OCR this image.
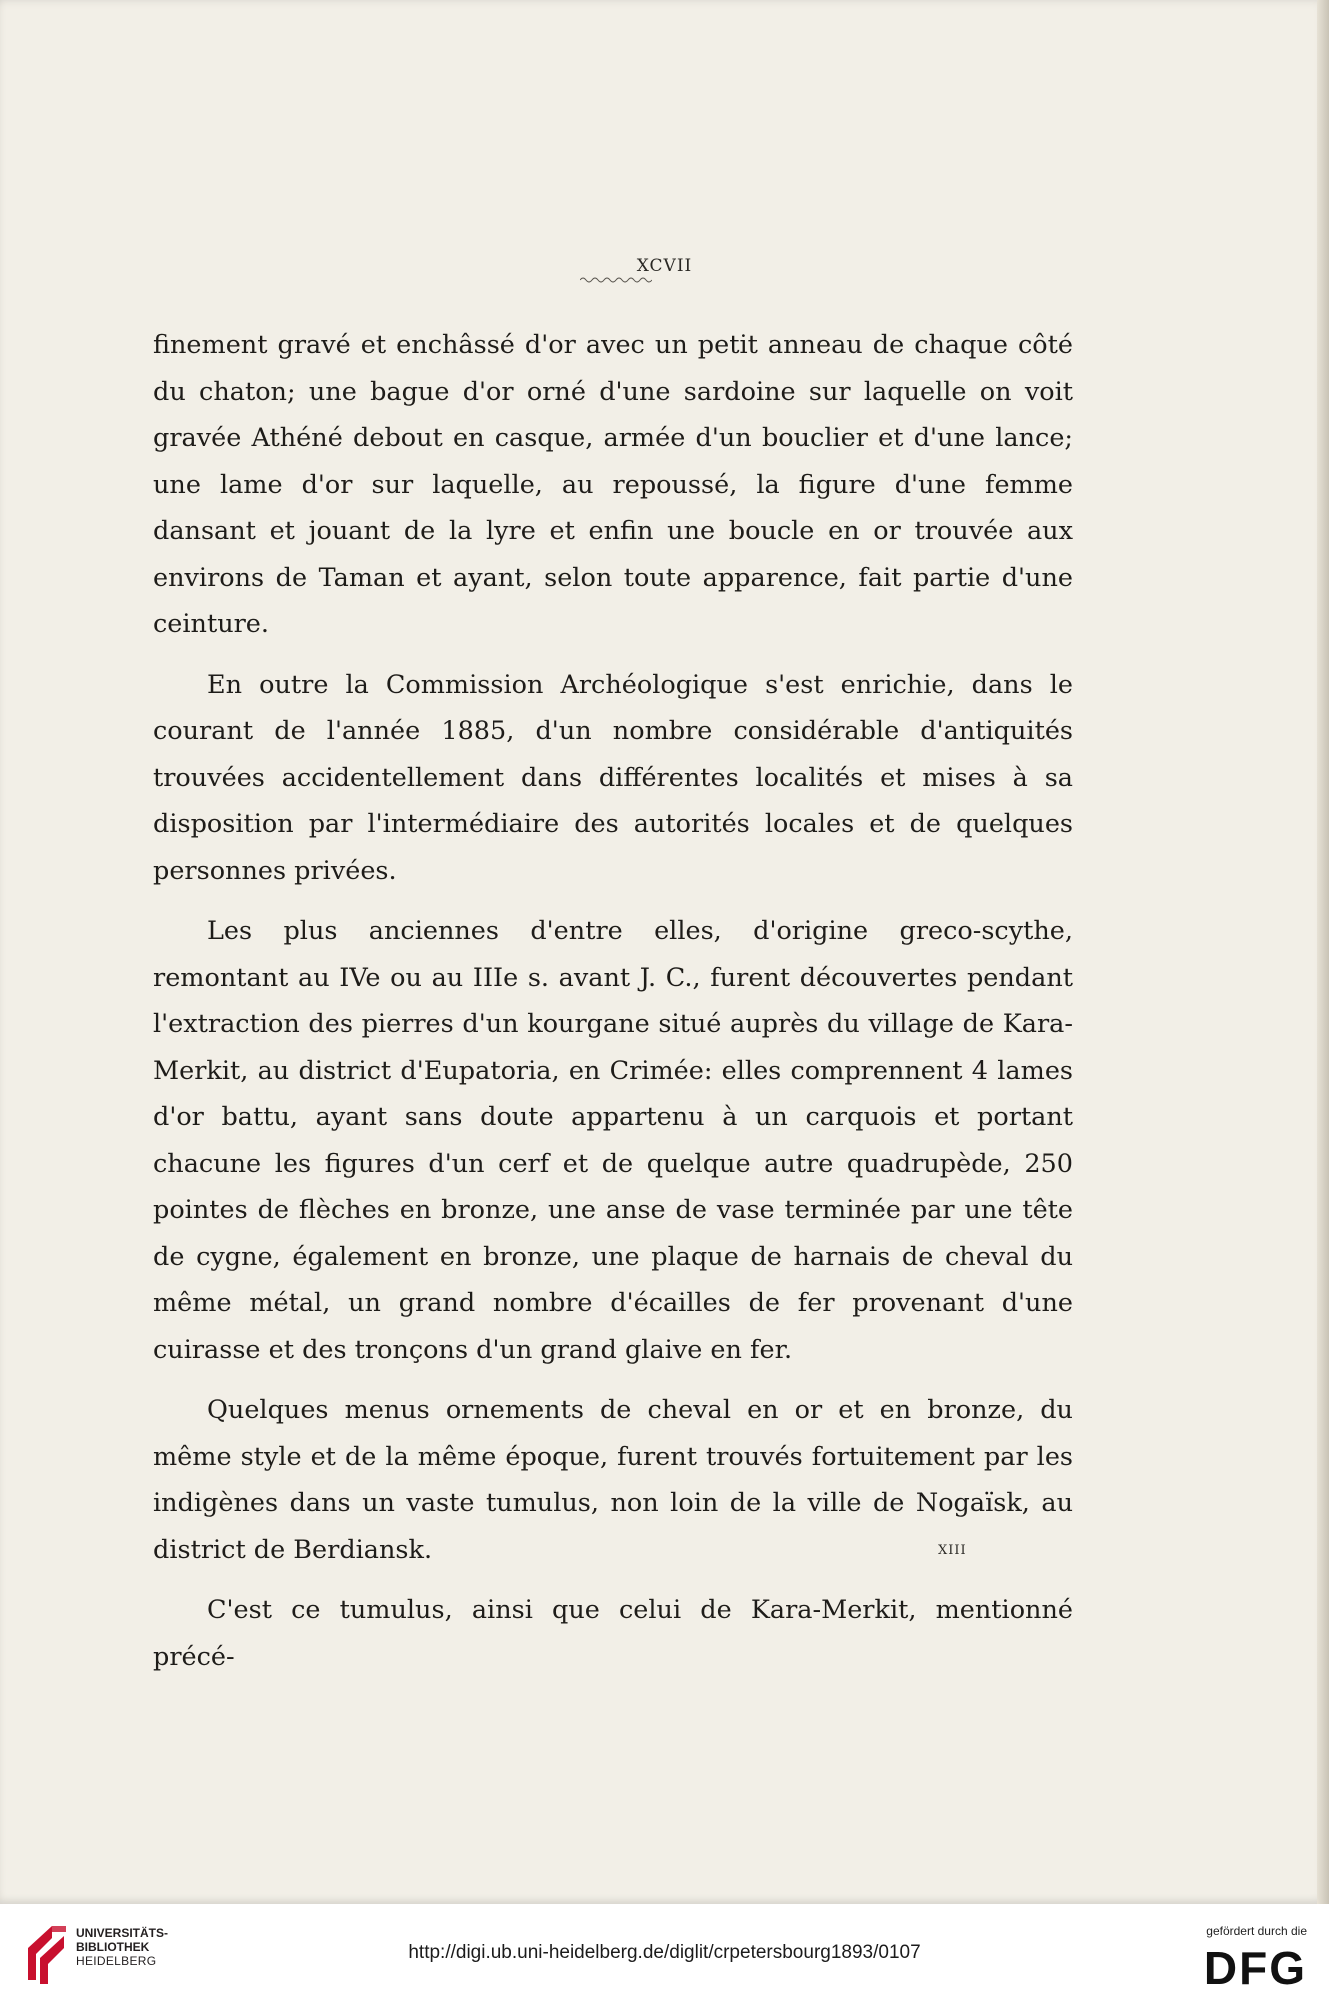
XCVII

finement gravé et enchâssé d'or avec un petit anneau de chaque côté du chaton; une bague d'or orné d'une sardoine sur laquelle on voit gravée Athéné debout en casque, armée d'un bouclier et d'une lance; une lame d'or sur laquelle, au repoussé, la figure d'une femme dansant et jouant de la lyre et enfin une boucle en or trouvée aux environs de Taman et ayant, selon toute apparence, fait partie d'une ceinture.

En outre la Commission Archéologique s'est enrichie, dans le courant de l'année 1885, d'un nombre considérable d'antiquités trouvées accidentellement dans différentes localités et mises à sa disposition par l'intermédiaire des autorités locales et de quelques personnes privées.

Les plus anciennes d'entre elles, d'origine greco-scythe, remontant au IVe ou au IIIe s. avant J. C., furent découvertes pendant l'extraction des pierres d'un kourgane situé auprès du village de Kara-Merkit, au district d'Eupatoria, en Crimée: elles comprennent 4 lames d'or battu, ayant sans doute appartenu à un carquois et portant chacune les figures d'un cerf et de quelque autre quadrupède, 250 pointes de flèches en bronze, une anse de vase terminée par une tête de cygne, également en bronze, une plaque de harnais de cheval du même métal, un grand nombre d'écailles de fer provenant d'une cuirasse et des tronçons d'un grand glaive en fer.

Quelques menus ornements de cheval en or et en bronze, du même style et de la même époque, furent trouvés fortuitement par les indigènes dans un vaste tumulus, non loin de la ville de Nogaïsk, au district de Berdiansk.

C'est ce tumulus, ainsi que celui de Kara-Merkit, mentionné précé-

XIII
UNIVERSITÄTS-
BIBLIOTHEK
HEIDELBERG	http://digi.ub.uni-heidelberg.de/diglit/crpetersbourg1893/0107
gefördert durch die
DFG
